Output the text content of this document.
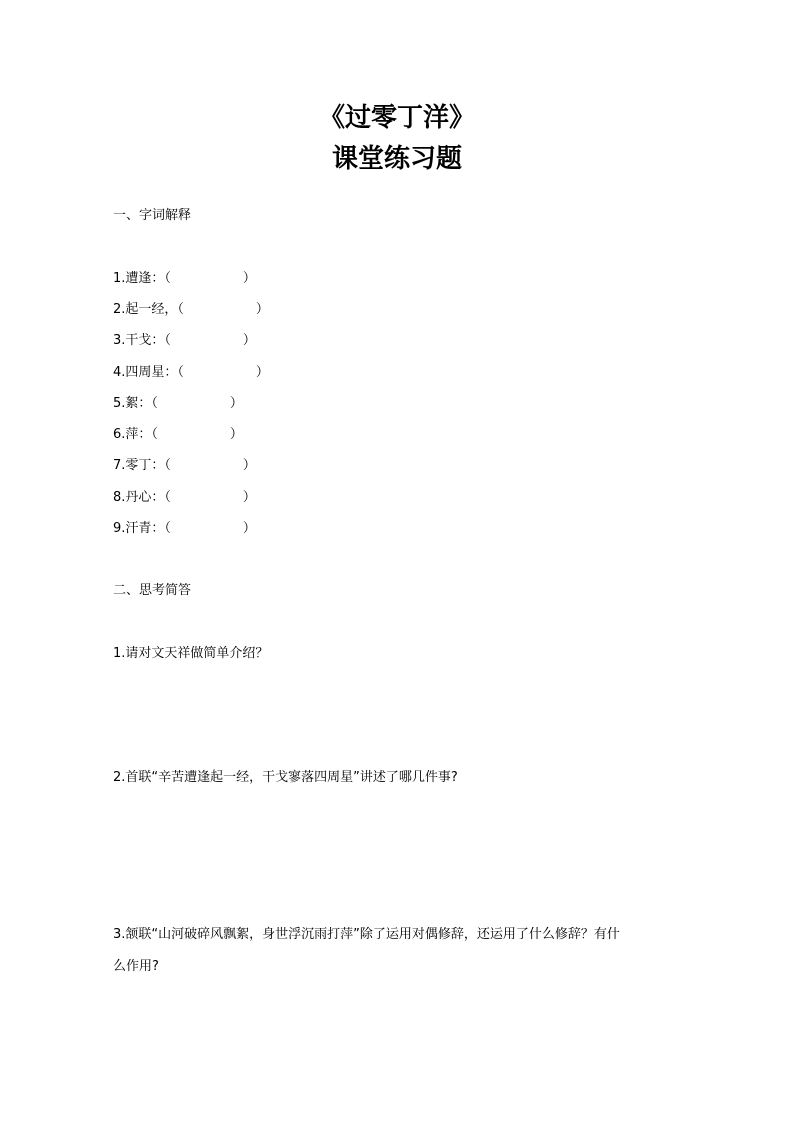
《过零丁洋》
课堂练习题
一、字词解释
1.遭逢：（	）
2.起一经，（	）
3.干戈：（	）
4.四周星：（	）
5.絮：（	）
6.萍：（	）
7.零丁：（	）
8.丹心：（	）
9.汗青：（	）
二、思考简答
1.请对文天祥做简单介绍？
2.首联“辛苦遭逢起一经，干戈寥落四周星”讲述了哪几件事?
3.颔联“山河破碎风飘絮，身世浮沉雨打萍”除了运用对偶修辞，还运用了什么修辞？有什
么作用?
